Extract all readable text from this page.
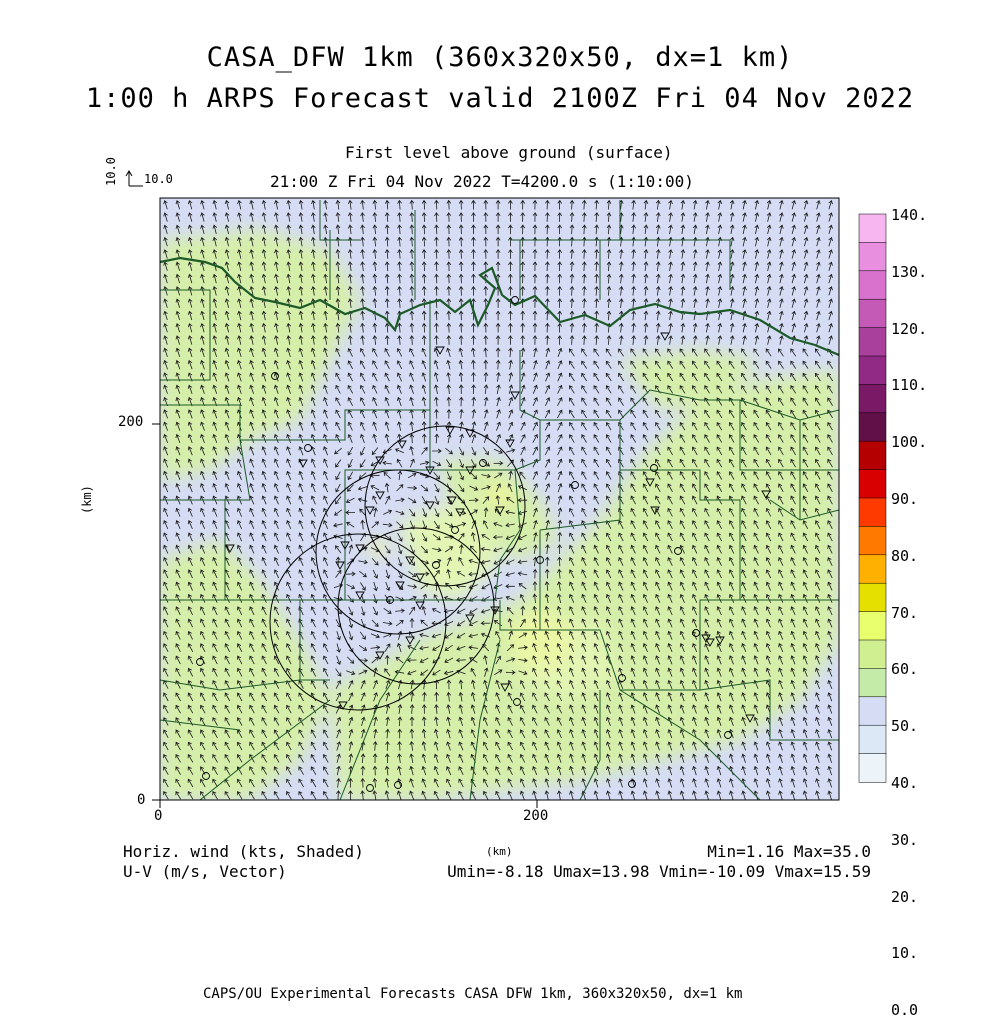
CASA_DFW 1km (360x320x50, dx=1 km)
1:00 h ARPS Forecast valid 2100Z Fri 04 Nov 2022
First level above ground (surface)
21:00 Z Fri 04 Nov 2022 T=4200.0 s (1:10:00)
10.0 10.0
(km)
200
0
0	200
Horiz. wind (kts, Shaded)
U-V (m/s, Vector)
(km)	Min=1.16 Max=35.0
Umin=-8.18 Umax=13.98 Vmin=-10.09 Vmax=15.59
CAPS/OU Experimental Forecasts CASA DFW 1km, 360x320x50, dx=1 km
140.
130.
120.
110.
100.
90.
80.
70.
60.
50.
40.
30.
20.
10.
0.0
